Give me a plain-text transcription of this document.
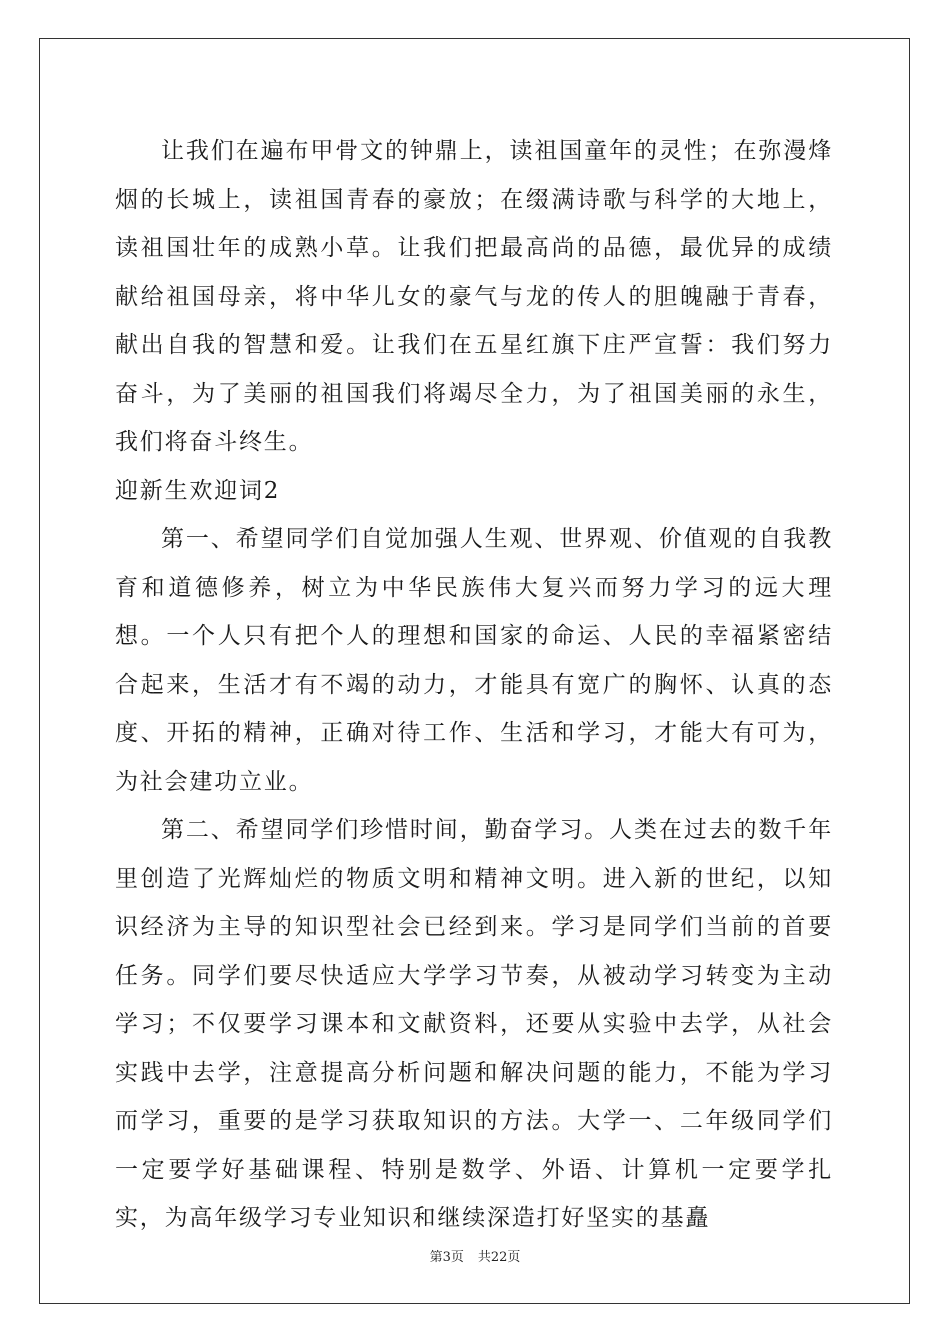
让我们在遍布甲骨文的钟鼎上，读祖国童年的灵性；在弥漫烽烟的长城上，读祖国青春的豪放；在缀满诗歌与科学的大地上，读祖国壮年的成熟小草。让我们把最高尚的品德，最优异的成绩献给祖国母亲，将中华儿女的豪气与龙的传人的胆魄融于青春，献出自我的智慧和爱。让我们在五星红旗下庄严宣誓：我们努力奋斗，为了美丽的祖国我们将竭尽全力，为了祖国美丽的永生，我们将奋斗终生。

迎新生欢迎词2

第一、希望同学们自觉加强人生观、世界观、价值观的自我教育和道德修养，树立为中华民族伟大复兴而努力学习的远大理想。一个人只有把个人的理想和国家的命运、人民的幸福紧密结合起来，生活才有不竭的动力，才能具有宽广的胸怀、认真的态度、开拓的精神，正确对待工作、生活和学习，才能大有可为，为社会建功立业。

第二、希望同学们珍惜时间，勤奋学习。人类在过去的数千年里创造了光辉灿烂的物质文明和精神文明。进入新的世纪，以知识经济为主导的知识型社会已经到来。学习是同学们当前的首要任务。同学们要尽快适应大学学习节奏，从被动学习转变为主动学习；不仅要学习课本和文献资料，还要从实验中去学，从社会实践中去学，注意提高分析问题和解决问题的能力，不能为学习而学习，重要的是学习获取知识的方法。大学一、二年级同学们一定要学好基础课程、特别是数学、外语、计算机一定要学扎实，为高年级学习专业知识和继续深造打好坚实的基矗

第3页 共22页
